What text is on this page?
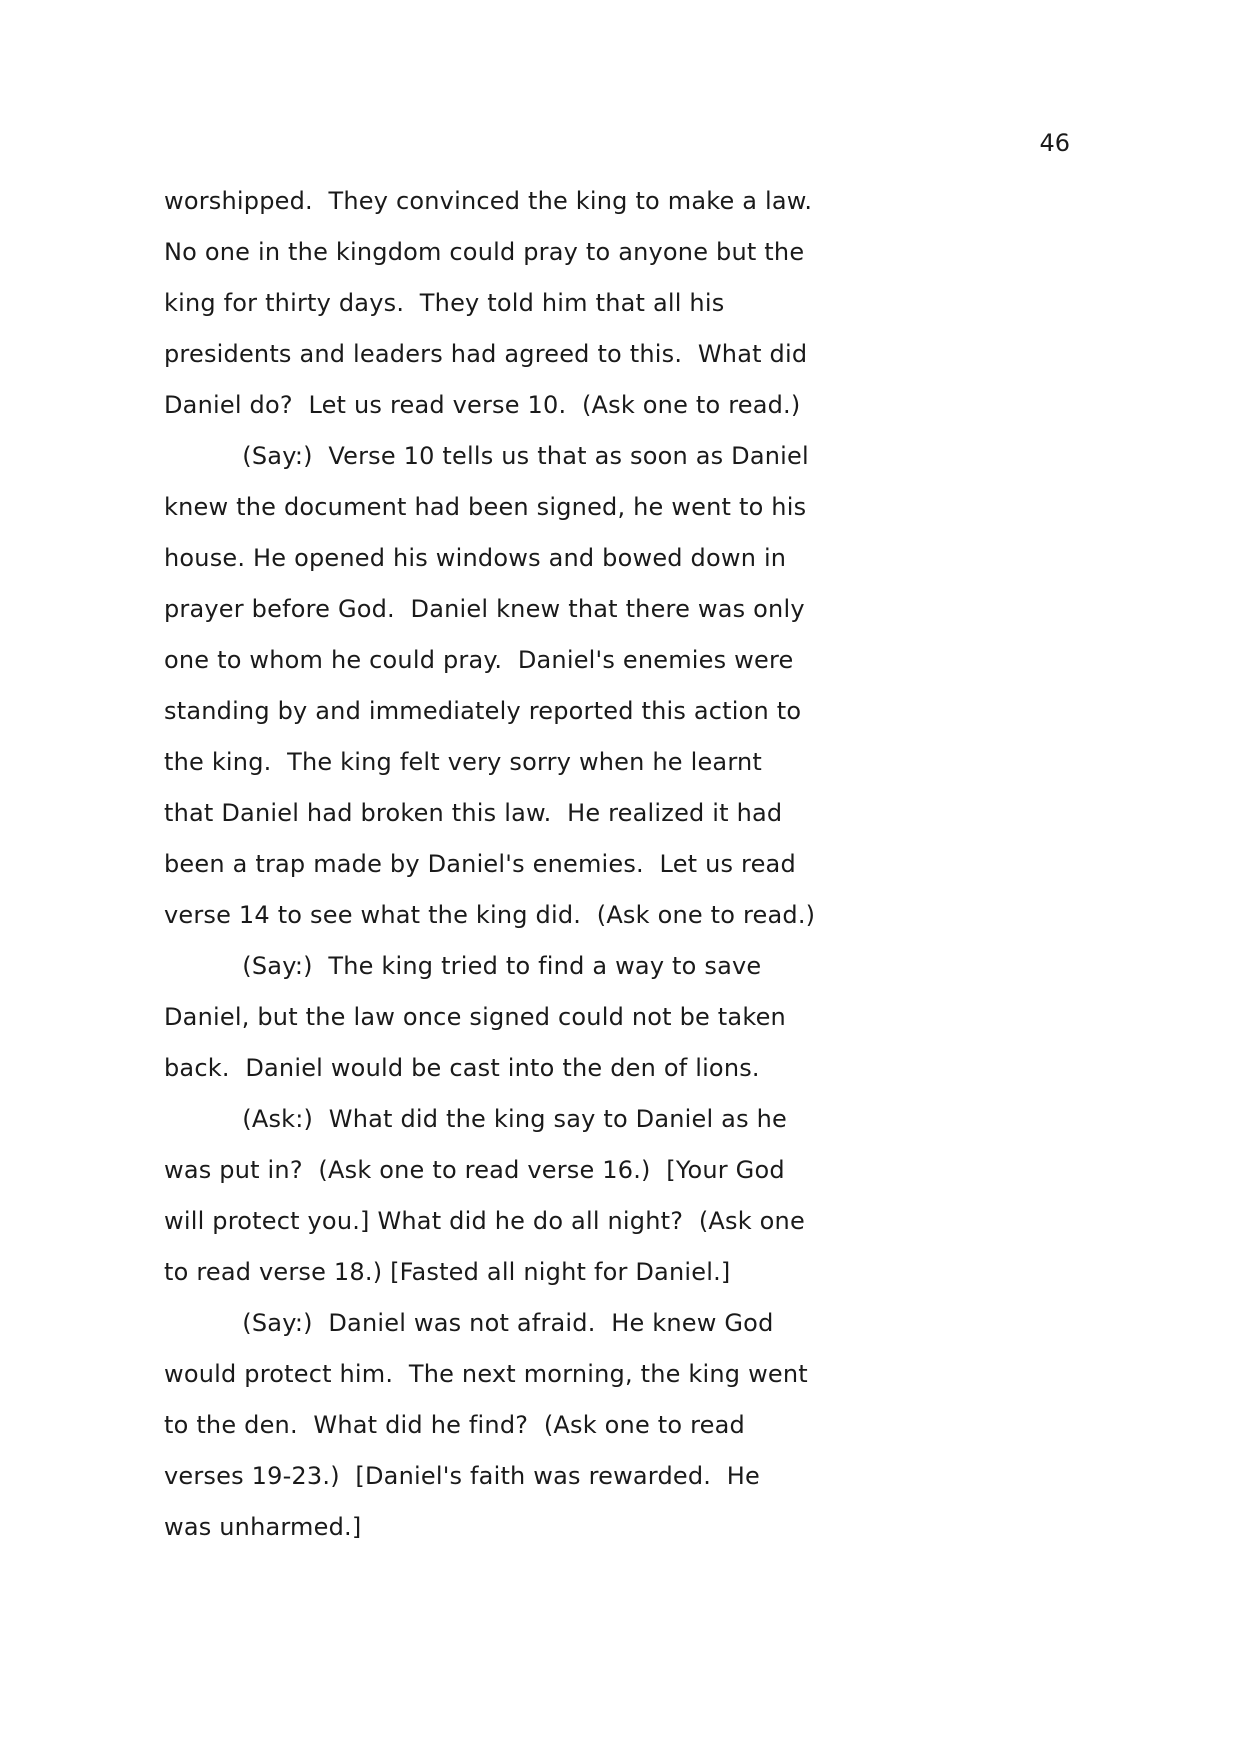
46
worshipped.  They convinced the king to make a law.
No one in the kingdom could pray to anyone but the
king for thirty days.  They told him that all his
presidents and leaders had agreed to this.  What did
Daniel do?  Let us read verse 10.  (Ask one to read.)
(Say:)  Verse 10 tells us that as soon as Daniel
knew the document had been signed, he went to his
house. He opened his windows and bowed down in
prayer before God.  Daniel knew that there was only
one to whom he could pray.  Daniel's enemies were
standing by and immediately reported this action to
the king.  The king felt very sorry when he learnt
that Daniel had broken this law.  He realized it had
been a trap made by Daniel's enemies.  Let us read
verse 14 to see what the king did.  (Ask one to read.)
(Say:)  The king tried to find a way to save
Daniel, but the law once signed could not be taken
back.  Daniel would be cast into the den of lions.
(Ask:)  What did the king say to Daniel as he
was put in?  (Ask one to read verse 16.)  [Your God
will protect you.] What did he do all night?  (Ask one
to read verse 18.) [Fasted all night for Daniel.]
(Say:)  Daniel was not afraid.  He knew God
would protect him.  The next morning, the king went
to the den.  What did he find?  (Ask one to read
verses 19-23.)  [Daniel's faith was rewarded.  He
was unharmed.]
